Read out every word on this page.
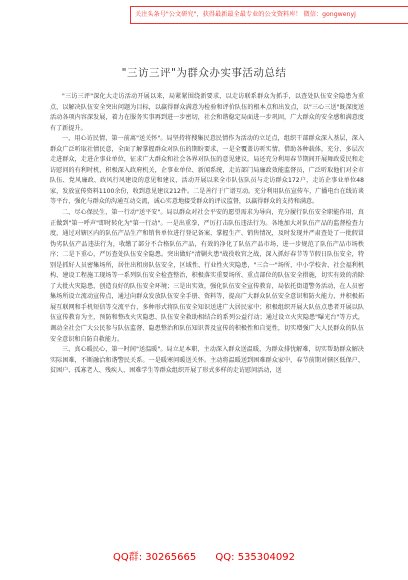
关注头条号"公文研究"，获得最新最全最专业的公文资料库！ 微信：gongwenyj
"三访三评"为群众办实事活动总结

"三访三评"深化大走访活动开展以来，局紧紧围绕新要求，以走访联系群众为抓手，以查处队伍安全隐患为重点，以解决队伍安全突出问题为目标，以赢得群众满意为检验和评价队伍的根本点和出发点，以"三心三送"既深度送活动各项内容深发展，着力在服务实事再到进一步密切，社会和谐稳定局面进一步巩固，广大群众的安全感和满意度有了新提升。

一、用心访民情，第一前离"送关怀"。局坚持将搜集民意民情作为活动的立足点，组织干部群众深入基层，深入群众广泛听取社情民意，全面了解掌握群众对队伍的期盼要求，一是全覆盖访听实情。借助各种载体，充分、多层次走进群众，走进企事业单位，征求广大群众和社会各界对队伍的意见建议，局还充分利用春节期间开展舞政爱民和走访慰问的有利时机，积极深入政府机关，企事业单位、新闻系统，走访部门局廉政效能监督员，广泛听取他们对全市队伍、党风廉政、政风行风建设的意见和建议，活动开展以来全市队伍队员与走访群众172户，走访企事业单位48家，发放宣传资料1100余份，收到意见建议212件。二是善行于广谱互动。充分利用队伍宣传车，广播电台在线访谈等平台，强化与群众的沟通互动交流，诚心实意地接受群众的评议监督，以赢得群众的支持和满意。

二、尽心保民生，第一行动"送平安"。局以群众对社会平安的愿望需求为导向，充分履行队伍安全职能作用，真正做到"第一呼声"即时转化为"第一行动"。一是出重拳，严厉打击队伍违法行为。各地加大对队伍产品的监督检查力度，通过对辖区内的队伍产品生产和销售单位进行登记备案，掌握生产、销售情况，及时发现并严肃查处了一批假冒伪劣队伍产品违法行为，收缴了部分不合格队伍产品，有效的净化了队伍产品市场，进一步规范了队伍产品市场秩序；二是下重心，严厉查处队伍安全隐患。突出做好"清剿火患"战役收官之战，深入抓好春节等节假日队伍安全，特别是抓好人员密集场所，居住出租房队伍安全，区域性、行业性火灾隐患，"三合一"场所、中小学校舍、社会福利机构、建设工程施工现场等一系列队伍安全检查整治，积极落实重要场所、重点部位的队伍安全措施，切实有效的消除了大批火灾隐患，创造良好的队伍安全环境；三是出实效，强化队伍安全宣传教育，局依托街道警务活动，在人员密集场所设立流动宣传点，通过向群众发放队伍安全手册、资料等，提高广大群众队伍安全意识和防火能力，并积极拓展互联网和手机短信等交流平台，多种形式将队伍安全知识送进广大居民家中；积极组织开展大队伍点患者开展以队伍宣传教育为主，预防和整改火灾隐患、队伍安全救助相结合的系列公益行动；通过设立火灾隐患"曝光台"等方式，调动全社会广大公民参与队伍监督、隐患整治和队伍知识普及宣传的积极性和自觉性，切实增强广大人民群众的队伍安全意识和自防自救能力。

三、真心暖民心，第一时间"送温暖"。局立足本职，主动深入群众送温暖，为群众排忧解难，切实帮助群众解决实际困难，不断融洽和谐警民关系。一是暖寒问暖送关怀。主动将温暖送到困难群众家中，春节前期对辖区低保户、贫困户、孤寡老人、残疾人、困难学生等群众组织开展了形式多样的走访慰问活动，送

QQ群: 30265665 QQ: 535304092
